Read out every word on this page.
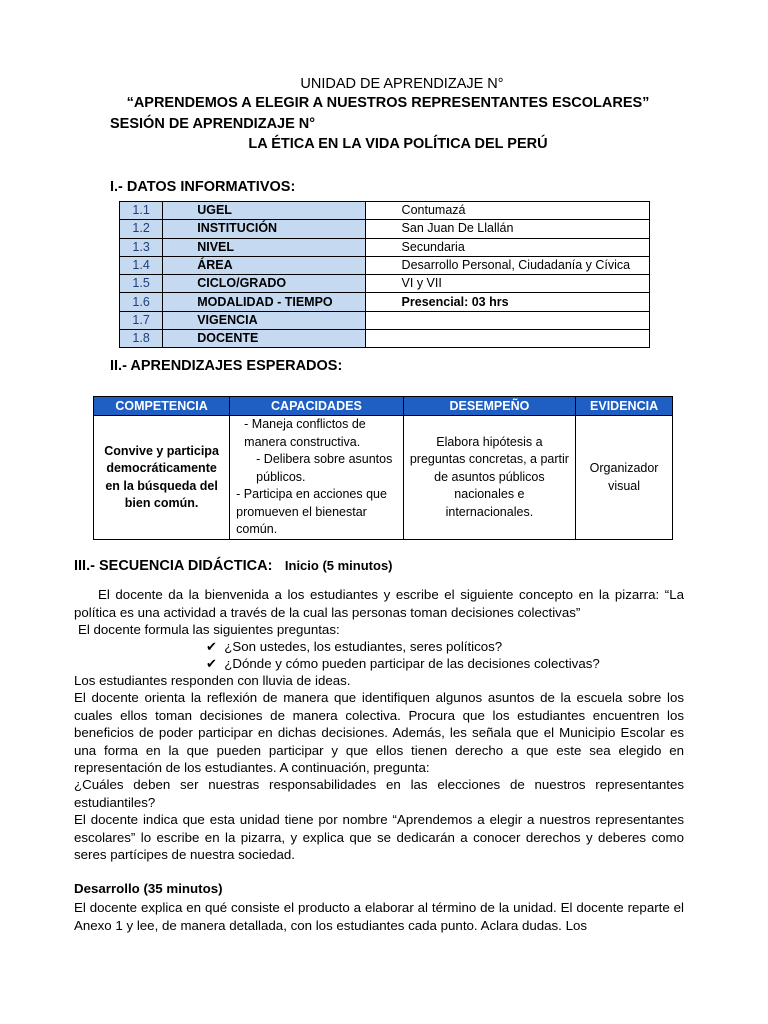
UNIDAD DE APRENDIZAJE N°
“APRENDEMOS A ELEGIR A NUESTROS REPRESENTANTES ESCOLARES”
SESIÓN DE APRENDIZAJE N°
LA ÉTICA EN LA VIDA POLÍTICA DEL PERÚ
I.- DATOS INFORMATIVOS:
1.1	UGEL	Contumazá
1.2	INSTITUCIÓN	San Juan De Llallán
1.3	NIVEL	Secundaria
1.4	ÁREA	Desarrollo Personal, Ciudadanía y Cívica
1.5	CICLO/GRADO	VI y VII
1.6	MODALIDAD - TIEMPO	Presencial: 03 hrs
1.7	VIGENCIA	
1.8	DOCENTE	
II.- APRENDIZAJES ESPERADOS:
COMPETENCIA	CAPACIDADES	DESEMPEÑO	EVIDENCIA
Convive y participa democráticamente en la búsqueda del bien común.	- Maneja conflictos de manera constructiva.
- Delibera sobre asuntos públicos.
- Participa en acciones que promueven el bienestar común.	Elabora hipótesis a preguntas concretas, a partir de asuntos públicos nacionales e internacionales.	Organizador visual
III.- SECUENCIA DIDÁCTICA: Inicio (5 minutos)
El docente da la bienvenida a los estudiantes y escribe el siguiente concepto en la pizarra: “La política es una actividad a través de la cual las personas toman decisiones colectivas”
El docente formula las siguientes preguntas:
✔ ¿Son ustedes, los estudiantes, seres políticos?
✔ ¿Dónde y cómo pueden participar de las decisiones colectivas?
Los estudiantes responden con lluvia de ideas.
El docente orienta la reflexión de manera que identifiquen algunos asuntos de la escuela sobre los cuales ellos toman decisiones de manera colectiva. Procura que los estudiantes encuentren los beneficios de poder participar en dichas decisiones. Además, les señala que el Municipio Escolar es una forma en la que pueden participar y que ellos tienen derecho a que este sea elegido en representación de los estudiantes. A continuación, pregunta:
¿Cuáles deben ser nuestras responsabilidades en las elecciones de nuestros representantes estudiantiles?
El docente indica que esta unidad tiene por nombre “Aprendemos a elegir a nuestros representantes escolares” lo escribe en la pizarra, y explica que se dedicarán a conocer derechos y deberes como seres partícipes de nuestra sociedad.
Desarrollo (35 minutos)
El docente explica en qué consiste el producto a elaborar al término de la unidad. El docente reparte el Anexo 1 y lee, de manera detallada, con los estudiantes cada punto. Aclara dudas. Los
